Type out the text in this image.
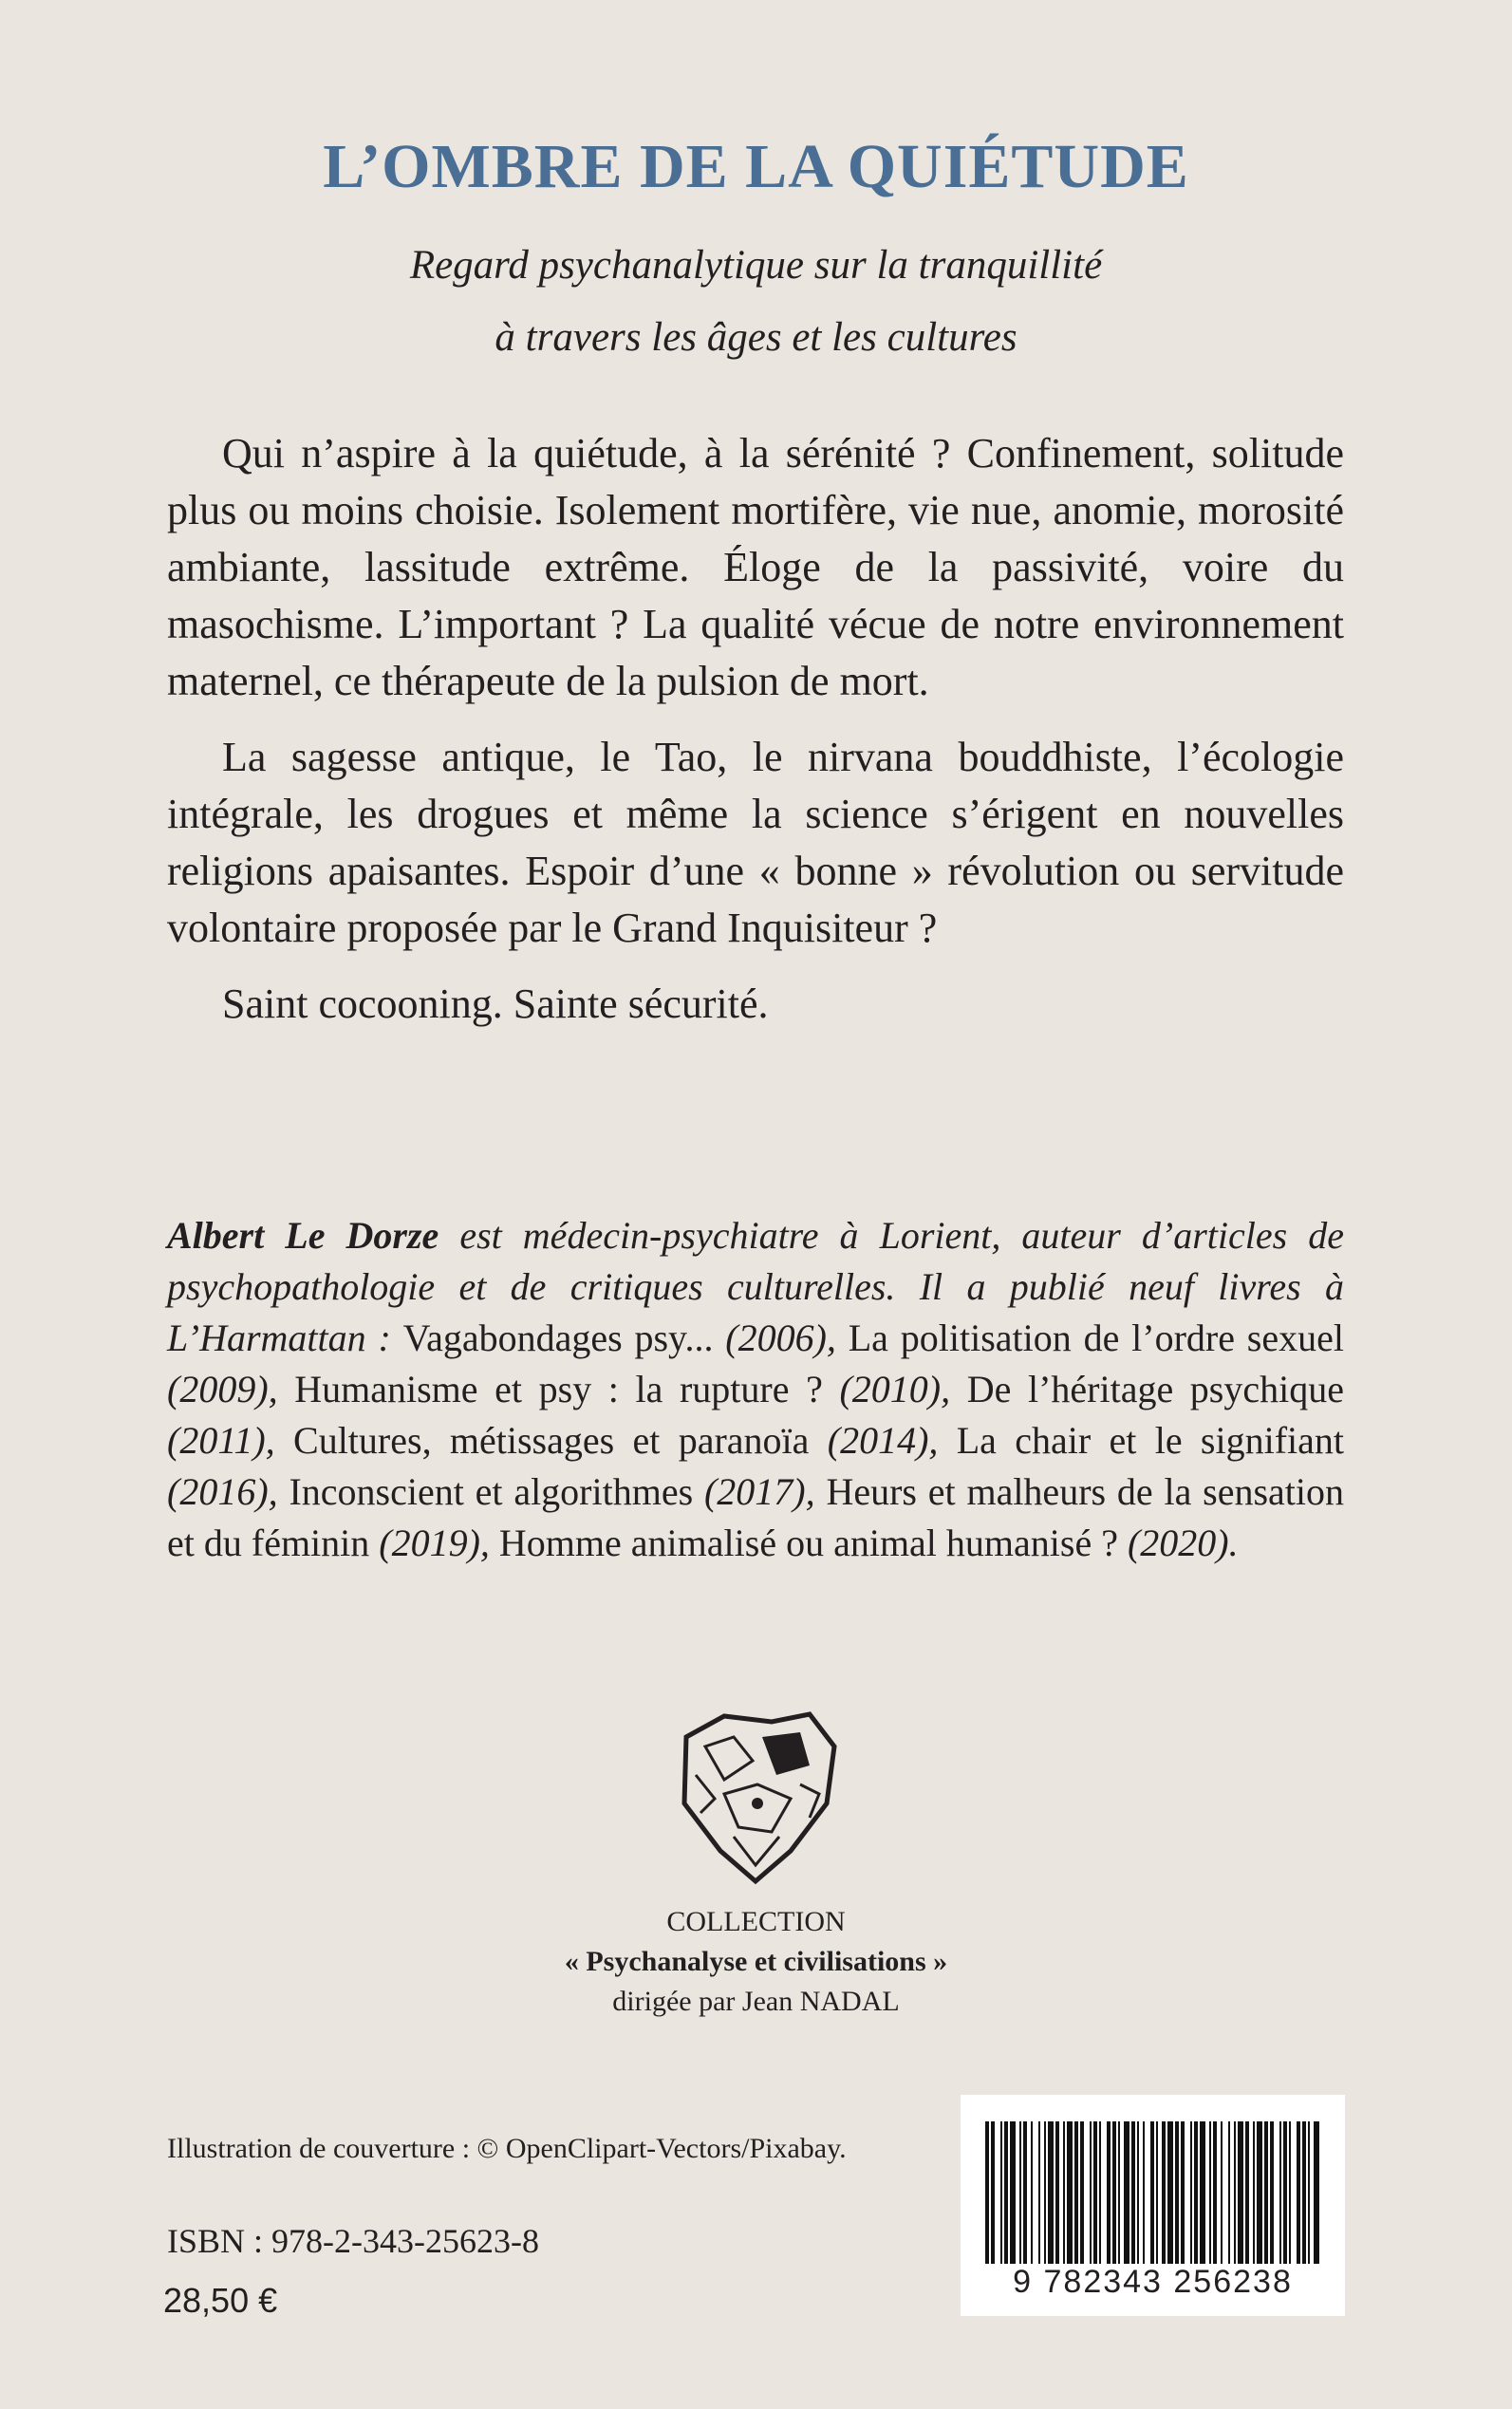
L’OMBRE DE LA QUIÉTUDE
Regard psychanalytique sur la tranquillité
à travers les âges et les cultures

Qui n’aspire à la quiétude, à la sérénité ? Confinement, solitude plus ou moins choisie. Isolement mortifère, vie nue, anomie, morosité ambiante, lassitude extrême. Éloge de la passivité, voire du masochisme. L’important ? La qualité vécue de notre environnement maternel, ce thérapeute de la pulsion de mort.

La sagesse antique, le Tao, le nirvana bouddhiste, l’écologie intégrale, les drogues et même la science s’érigent en nouvelles religions apaisantes. Espoir d’une « bonne » révolution ou servitude volontaire proposée par le Grand Inquisiteur ?

Saint cocooning. Sainte sécurité.

Albert Le Dorze est médecin-psychiatre à Lorient, auteur d’articles de psychopathologie et de critiques culturelles. Il a publié neuf livres à L’Harmattan : Vagabondages psy... (2006), La politisation de l’ordre sexuel (2009), Humanisme et psy : la rupture ? (2010), De l’héritage psychique (2011), Cultures, métissages et paranoïa (2014), La chair et le signifiant (2016), Inconscient et algorithmes (2017), Heurs et malheurs de la sensation et du féminin (2019), Homme animalisé ou animal humanisé ? (2020).
COLLECTION
« Psychanalyse et civilisations »
dirigée par Jean NADAL
Illustration de couverture : © OpenClipart-Vectors/Pixabay.
ISBN : 978-2-343-25623-8
28,50 €	9 782343 256238
